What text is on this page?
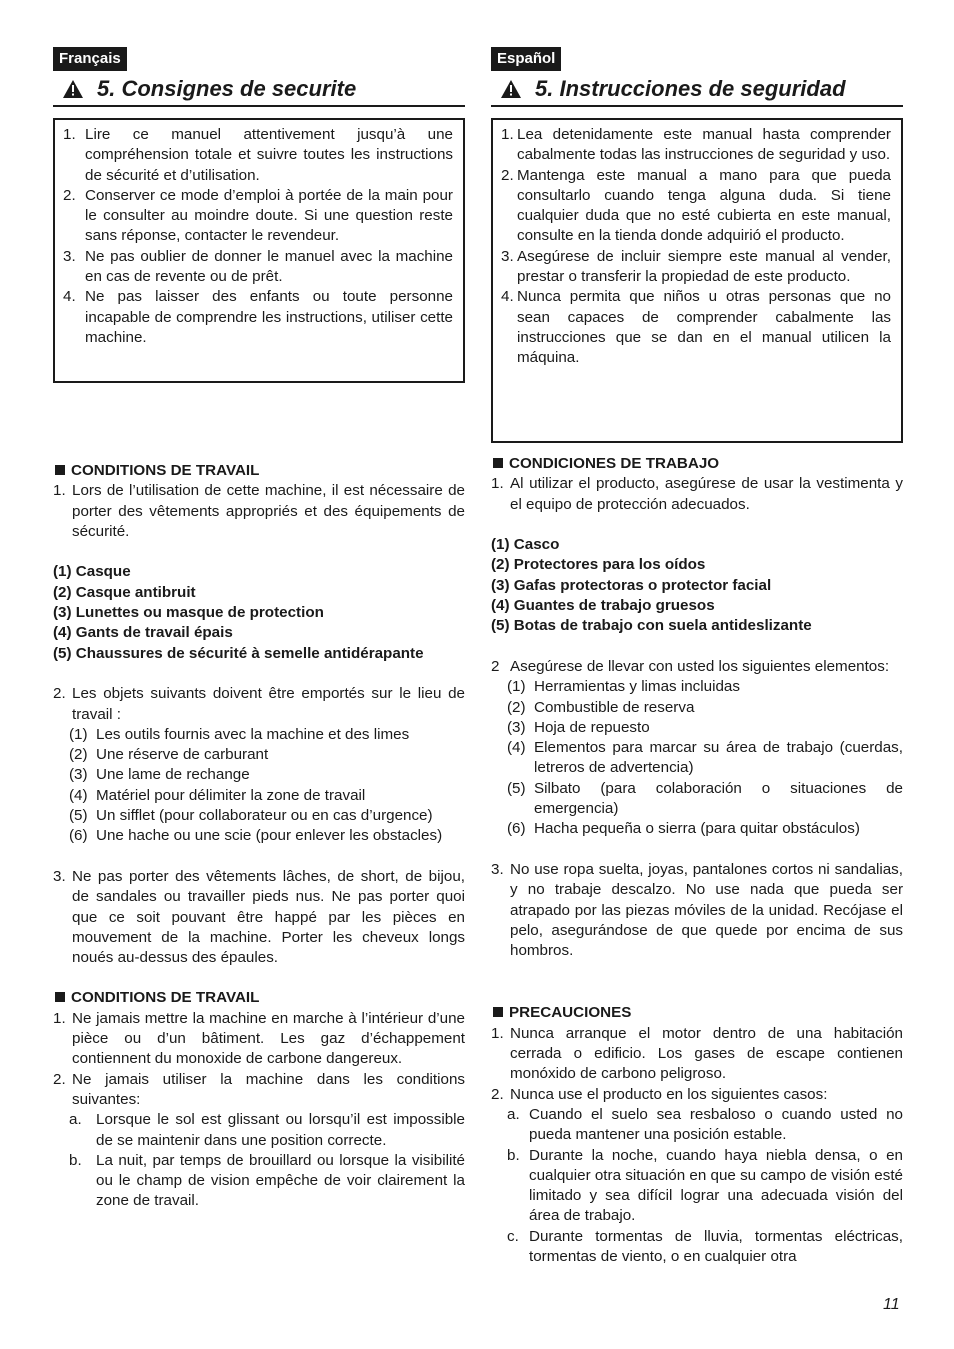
Français
5. Consignes de securite
1. Lire ce manuel attentivement jusqu’à une compréhension totale et suivre toutes les instructions de sécurité et d’utilisation.
2. Conserver ce mode d’emploi à portée de la main pour le consulter au moindre doute. Si une question reste sans réponse, contacter le revendeur.
3. Ne pas oublier de donner le manuel avec la machine en cas de revente ou de prêt.
4. Ne pas laisser des enfants ou toute personne incapable de comprendre les instructions, utiliser cette machine.
CONDITIONS DE TRAVAIL
1. Lors de l’utilisation de cette machine, il est nécessaire de porter des vêtements appropriés et des équipements de sécurité.
(1) Casque
(2) Casque antibruit
(3) Lunettes ou masque de protection
(4) Gants de travail épais
(5) Chaussures de sécurité à semelle antidérapante
2. Les objets suivants doivent être emportés sur le lieu de travail :
(1) Les outils fournis avec la machine et des limes
(2) Une réserve de carburant
(3) Une lame de rechange
(4) Matériel pour délimiter la zone de travail
(5) Un sifflet (pour collaborateur ou en cas d’urgence)
(6) Une hache ou une scie (pour enlever les obstacles)
3. Ne pas porter des vêtements lâches, de short, de bijou, de sandales ou travailler pieds nus. Ne pas porter quoi que ce soit pouvant être happé par les pièces en mouvement de la machine. Porter les cheveux longs noués au-dessus des épaules.
CONDITIONS DE TRAVAIL
1. Ne jamais mettre la machine en marche à l’intérieur d’une pièce ou d’un bâtiment. Les gaz d’échappement contiennent du monoxide de carbone dangereux.
2. Ne jamais utiliser la machine dans les conditions suivantes:
a. Lorsque le sol est glissant ou lorsqu’il est impossible de se maintenir dans une position correcte.
b. La nuit, par temps de brouillard ou lorsque la visibilité ou le champ de vision empêche de voir clairement la zone de travail.
Español
5. Instrucciones de seguridad
1. Lea detenidamente este manual hasta comprender cabalmente todas las instrucciones de seguridad y uso.
2. Mantenga este manual a mano para que pueda consultarlo cuando tenga alguna duda. Si tiene cualquier duda que no esté cubierta en este manual, consulte en la tienda donde adquirió el producto.
3. Asegúrese de incluir siempre este manual al vender, prestar o transferir la propiedad de este producto.
4. Nunca permita que niños u otras personas que no sean capaces de comprender cabalmente las instrucciones que se dan en el manual utilicen la máquina.
CONDICIONES DE TRABAJO
1. Al utilizar el producto, asegúrese de usar la vestimenta y el equipo de protección adecuados.
(1) Casco
(2) Protectores para los oídos
(3) Gafas protectoras o protector facial
(4) Guantes de trabajo gruesos
(5) Botas de trabajo con suela antideslizante
2 Asegúrese de llevar con usted los siguientes elementos:
(1) Herramientas y limas incluidas
(2) Combustible de reserva
(3) Hoja de repuesto
(4) Elementos para marcar su área de trabajo (cuerdas, letreros de advertencia)
(5) Silbato (para colaboración o situaciones de emergencia)
(6) Hacha pequeña o sierra (para quitar obstáculos)
3. No use ropa suelta, joyas, pantalones cortos ni sandalias, y no trabaje descalzo. No use nada que pueda ser atrapado por las piezas móviles de la unidad. Recójase el pelo, asegurándose de que quede por encima de sus hombros.
PRECAUCIONES
1. Nunca arranque el motor dentro de una habitación cerrada o edificio. Los gases de escape contienen monóxido de carbono peligroso.
2. Nunca use el producto en los siguientes casos:
a. Cuando el suelo sea resbaloso o cuando usted no pueda mantener una posición estable.
b. Durante la noche, cuando haya niebla densa, o en cualquier otra situación en que su campo de visión esté limitado y sea difícil lograr una adecuada visión del área de trabajo.
c. Durante tormentas de lluvia, tormentas eléctricas, tormentas de viento, o en cualquier otra
11
